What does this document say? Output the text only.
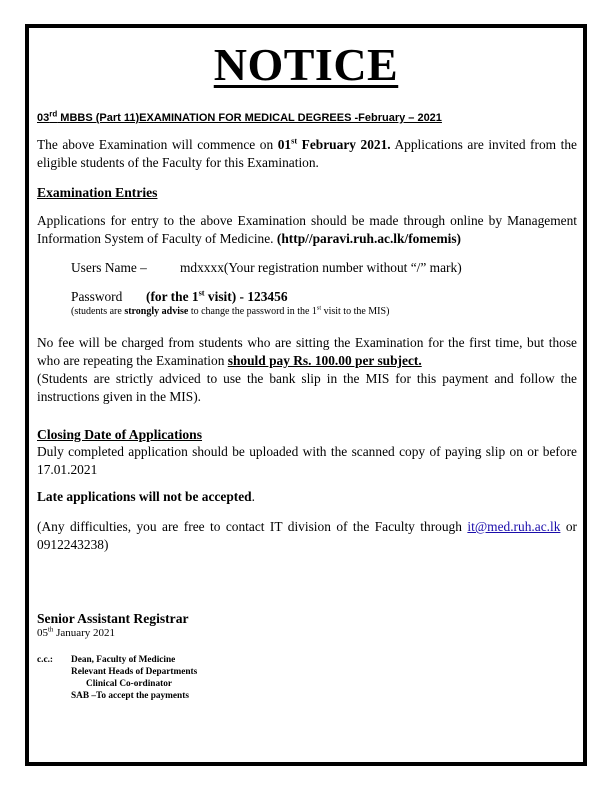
NOTICE
03rd MBBS (Part 11)EXAMINATION FOR MEDICAL DEGREES -February – 2021
The above Examination will commence on 01st February 2021. Applications are invited from the eligible students of the Faculty for this Examination.
Examination Entries
Applications for entry to the above Examination should be made through online by Management Information System of Faculty of Medicine. (http//paravi.ruh.ac.lk/fomemis)
Users Name – mdxxxx(Your registration number without “/” mark)
Password (for the 1st visit) - 123456
(students are strongly advise to change the password in the 1st visit to the MIS)
No fee will be charged from students who are sitting the Examination for the first time, but those who are repeating the Examination should pay Rs. 100.00 per subject.
(Students are strictly adviced to use the bank slip in the MIS for this payment and follow the instructions given in the MIS).
Closing Date of Applications
Duly completed application should be uploaded with the scanned copy of paying slip on or before 17.01.2021
Late applications will not be accepted.
(Any difficulties, you are free to contact IT division of the Faculty through it@med.ruh.ac.lk or 0912243238)
Senior Assistant Registrar
05th January 2021
c.c.: Dean, Faculty of Medicine
Relevant Heads of Departments
Clinical Co-ordinator
SAB –To accept the payments
